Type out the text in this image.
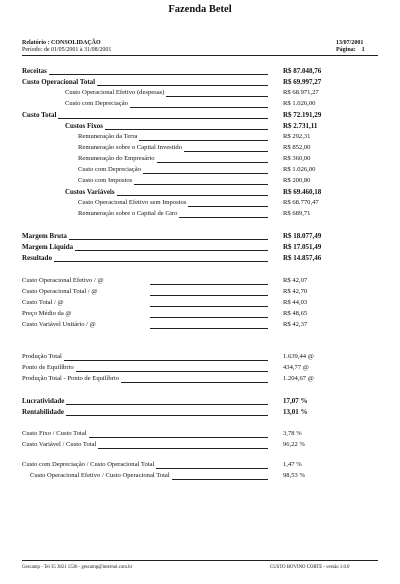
Fazenda Betel
Relatório : CONSOLIDAÇÃO
Período: de 01/05/2001 à 31/08/2001
13/07/2001
Página: 1
Receitas	R$ 87.048,76
Custo Operacional Total	R$ 69.997,27
Custo Operacional Efetivo (despesas)	R$ 68.971,27
Custo com Depreciação	R$ 1.026,00
Custo Total	R$ 72.191,29
Custos Fixos	R$ 2.731,11
Remuneração da Terra	R$ 292,31
Remuneração sobre o Capital Investido	R$ 852,00
Remuneração do Empresário	R$ 360,00
Custo com Depreciação	R$ 1.026,00
Custo com Impostos	R$ 200,80
Custos Variáveis	R$ 69.460,18
Custo Operacional Efetivo sem Impostos	R$ 68.770,47
Remuneração sobre o Capital de Giro	R$ 689,71
Margem Bruta	R$ 18.077,49
Margem Liquida	R$ 17.051,49
Resultado	R$ 14.857,46
Custo Operacional Efetivo / @	R$ 42,07
Custo Operacional Total / @	R$ 42,70
Custo Total / @	R$ 44,03
Preço Médio da @	R$ 48,65
Custo Variável Unitário / @	R$ 42,37
Produção Total	1.639,44 @
Ponto de Equilíbrio	434,77 @
Produção Total - Ponto de Equilíbrio	1.204,67 @
Lucratividade	17,07 %
Rentabilidade	13,01 %
Custo Fixo / Custo Total	3,78 %
Custo Variável / Custo Total	96,22 %
Custo com Depreciação / Custo Operacional Total	1,47 %
Custo Operacional Efetivo / Custo Operacional Total	98,53 %
Gescamp - Tel 35 3821 1536 - gescamp@internol.com.br	CUSTO BOVINO CORTE - versão 1.0.0
